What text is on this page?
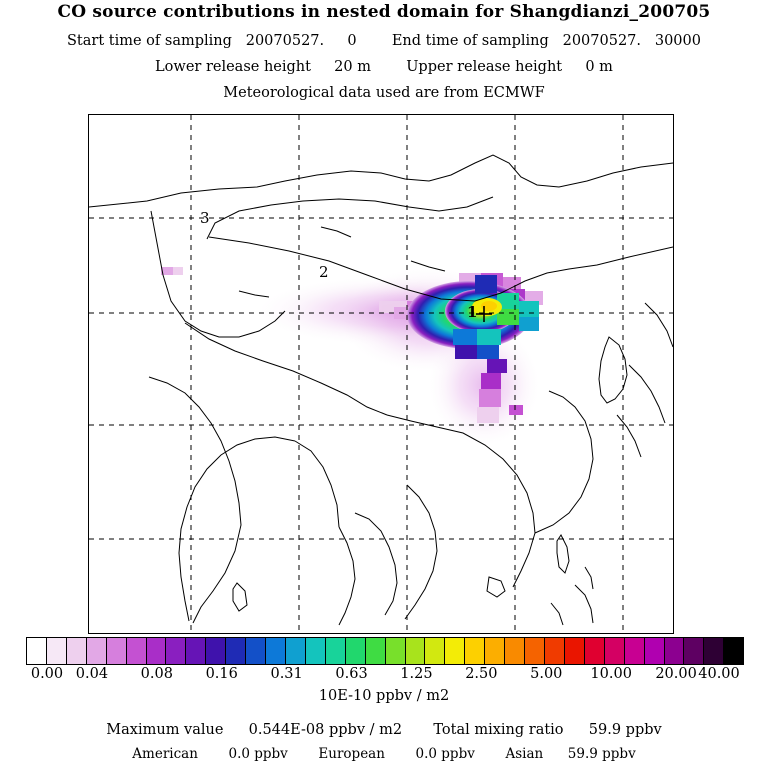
CO source contributions in nested domain for Shangdianzi_200705
Start time of sampling 20070527. 0 End time of sampling 20070527. 30000
Lower release height 20 m Upper release height 0 m
Meteorological data used are from ECMWF
3
2
1
0.00 0.04 0.08 0.16 0.31 0.63 1.25 2.50 5.00 10.00 20.00 40.00
10E-10 ppbv / m2
Maximum value 0.544E-08 ppbv / m2 Total mixing ratio 59.9 ppbv
American 0.0 ppbv European 0.0 ppbv Asian 59.9 ppbv
